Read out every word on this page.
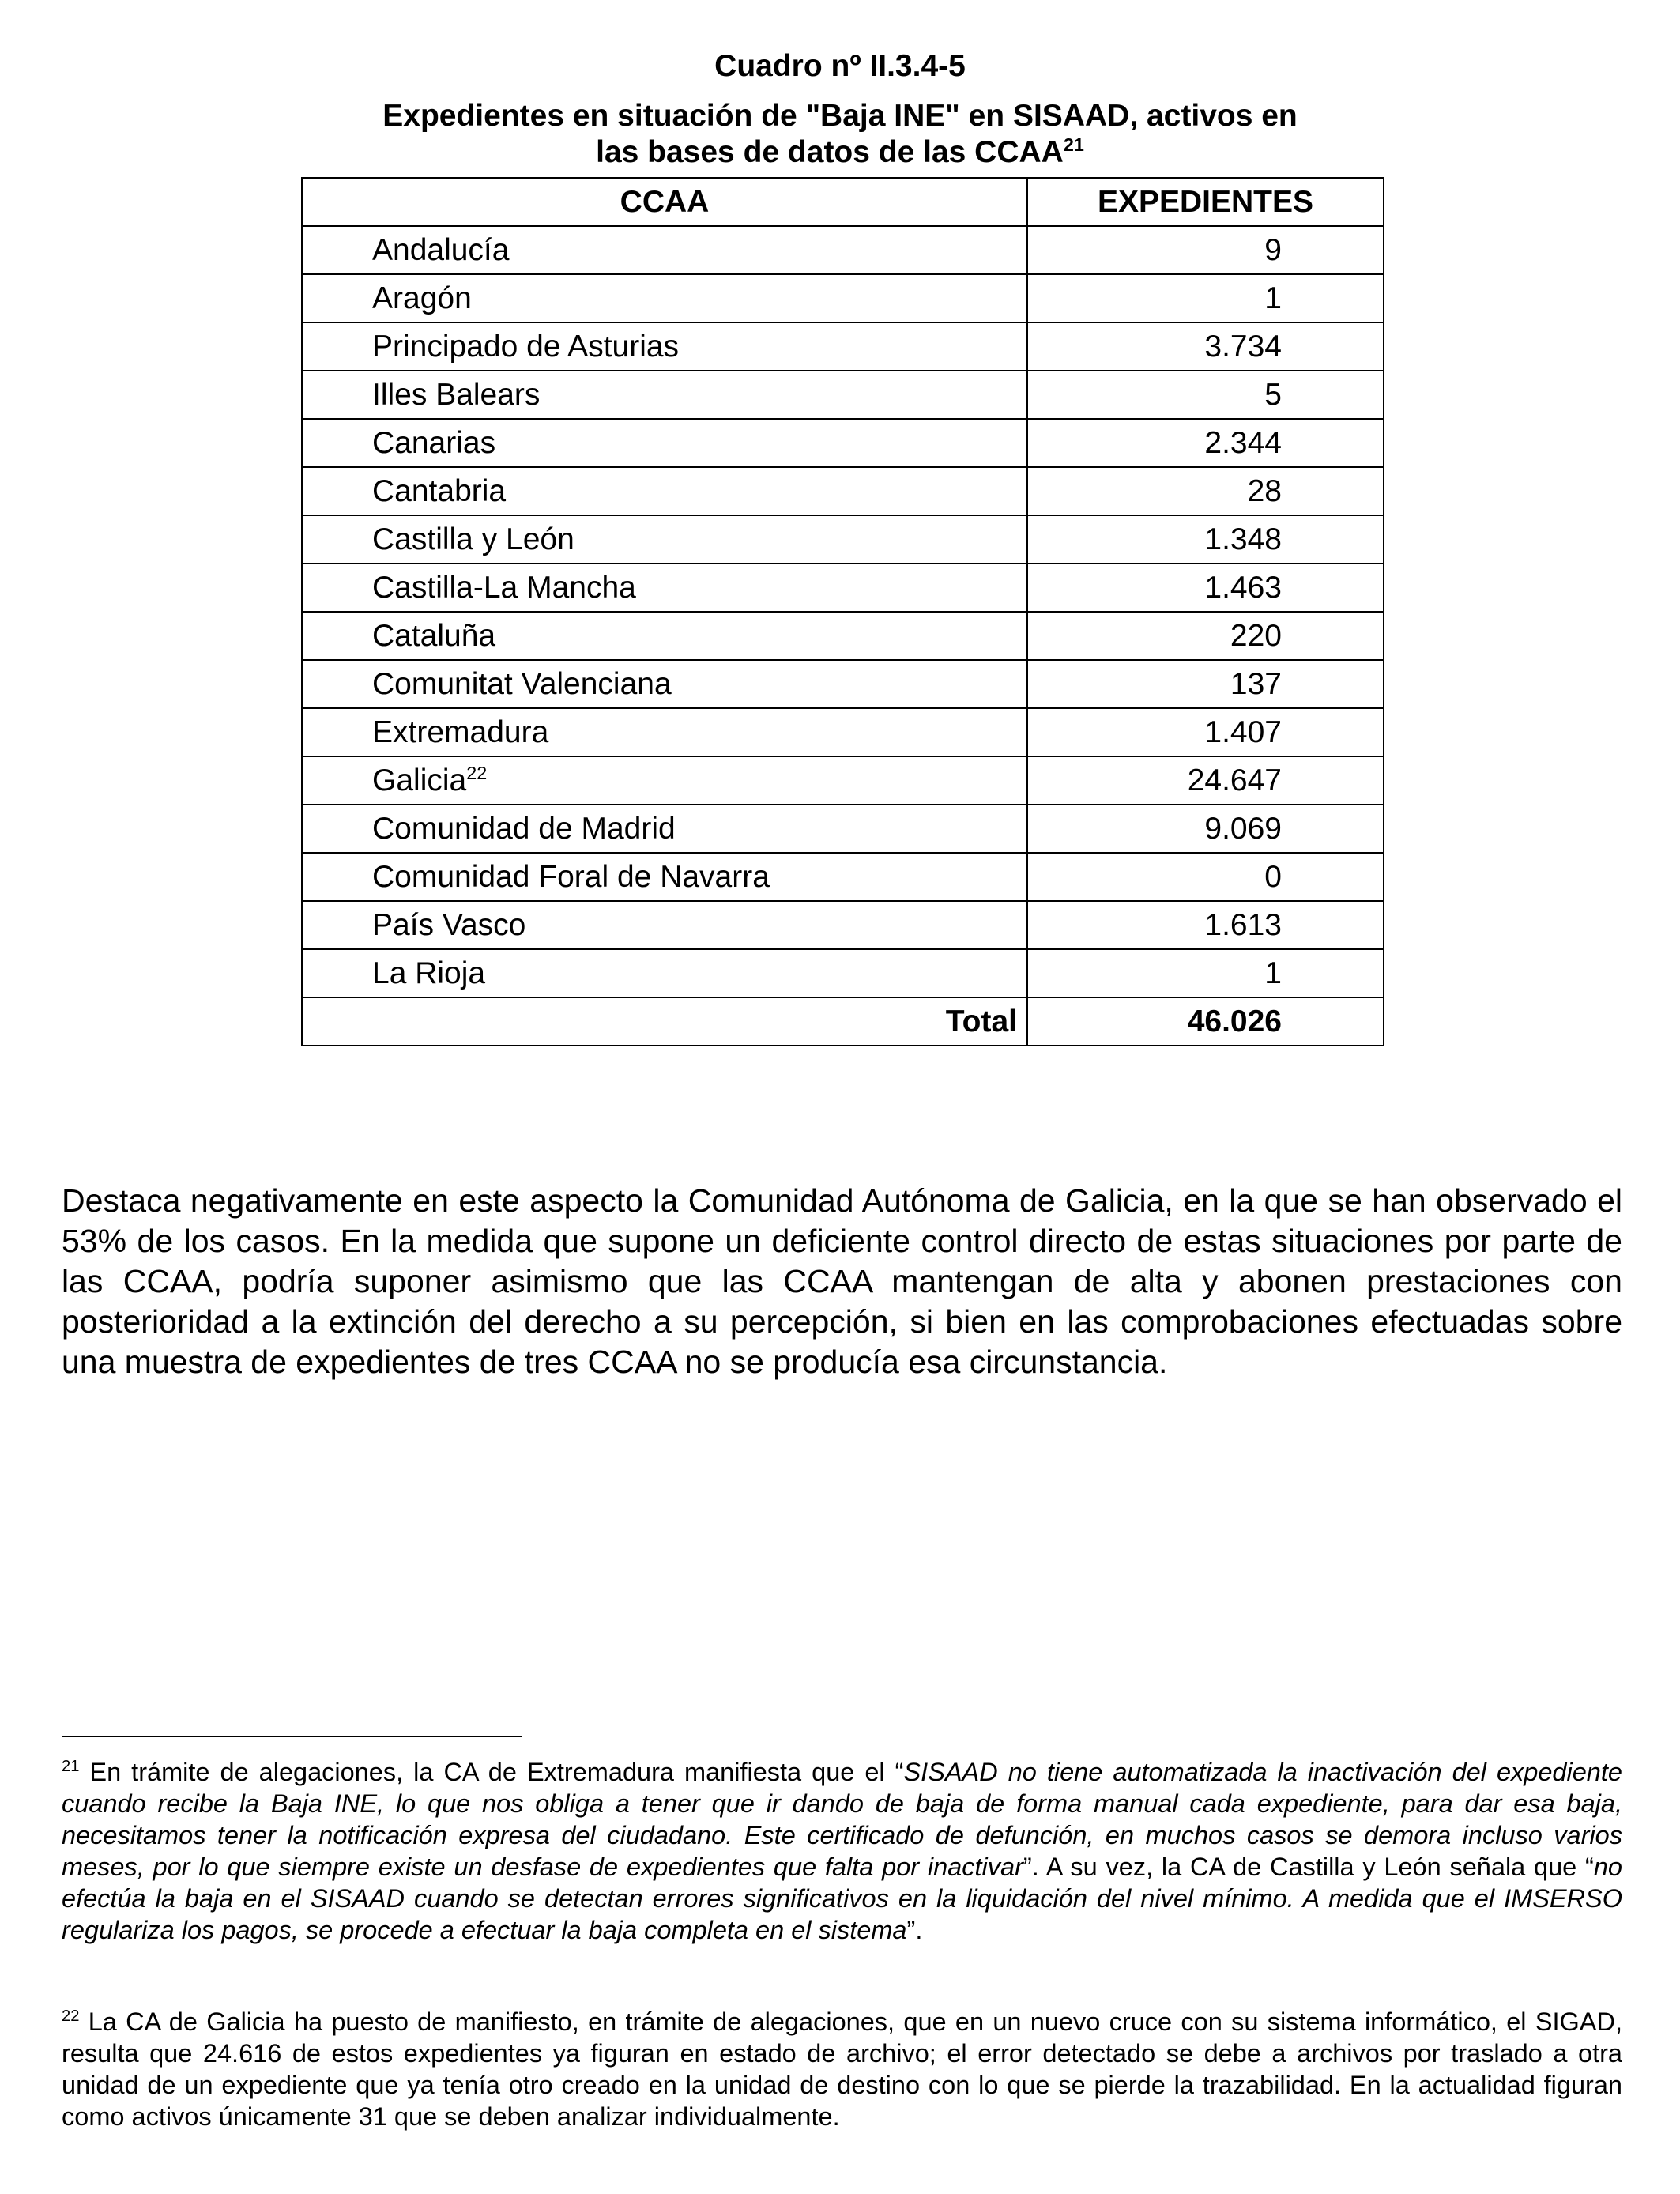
Cuadro nº II.3.4-5
Expedientes en situación de "Baja INE" en SISAAD, activos en
las bases de datos de las CCAA$^{21}$
CCAA	EXPEDIENTES
Andalucía	9
Aragón	1
Principado de Asturias	3.734
Illes Balears	5
Canarias	2.344
Cantabria	28
Castilla y León	1.348
Castilla-La Mancha	1.463
Cataluña	220
Comunitat Valenciana	137
Extremadura	1.407
Galicia$^{22}$	24.647
Comunidad de Madrid	9.069
Comunidad Foral de Navarra	0
País Vasco	1.613
La Rioja	1
Total	46.026
Destaca negativamente en este aspecto la Comunidad Autónoma de Galicia, en la que se han observado el 53% de los casos. En la medida que supone un deficiente control directo de estas situaciones por parte de las CCAA, podría suponer asimismo que las CCAA mantengan de alta y abonen prestaciones con posterioridad a la extinción del derecho a su percepción, si bien en las comprobaciones efectuadas sobre una muestra de expedientes de tres CCAA no se producía esa circunstancia.
$^{21}$ En trámite de alegaciones, la CA de Extremadura manifiesta que el “SISAAD no tiene automatizada la inactivación del expediente cuando recibe la Baja INE, lo que nos obliga a tener que ir dando de baja de forma manual cada expediente, para dar esa baja, necesitamos tener la notificación expresa del ciudadano. Este certificado de defunción, en muchos casos se demora incluso varios meses, por lo que siempre existe un desfase de expedientes que falta por inactivar”. A su vez, la CA de Castilla y León señala que “no efectúa la baja en el SISAAD cuando se detectan errores significativos en la liquidación del nivel mínimo. A medida que el IMSERSO regulariza los pagos, se procede a efectuar la baja completa en el sistema”.
$^{22}$ La CA de Galicia ha puesto de manifiesto, en trámite de alegaciones, que en un nuevo cruce con su sistema informático, el SIGAD, resulta que 24.616 de estos expedientes ya figuran en estado de archivo; el error detectado se debe a archivos por traslado a otra unidad de un expediente que ya tenía otro creado en la unidad de destino con lo que se pierde la trazabilidad. En la actualidad figuran como activos únicamente 31 que se deben analizar individualmente.
